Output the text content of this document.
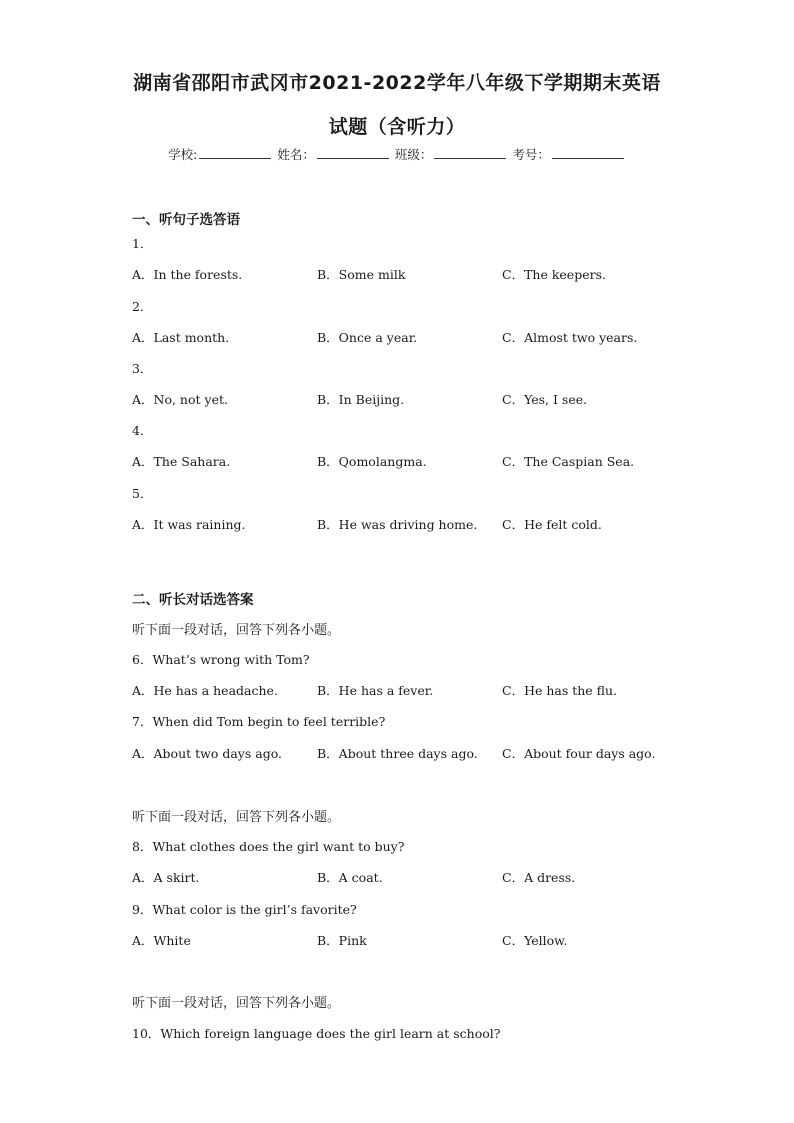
湖南省邵阳市武冈市2021-2022学年八年级下学期期末英语
试题（含听力）
学校:	姓名：	班级：	考号：
一、听句子选答语
1．
A．In the forests.	B．Some milk	C．The keepers.
2．
A．Last month.	B．Once a year.	C．Almost two years.
3．
A．No, not yet.	B．In Beijing.	C．Yes, I see.
4．
A．The Sahara.	B．Qomolangma.	C．The Caspian Sea.
5．
A．It was raining.	B．He was driving home. C．He felt cold.
二、听长对话选答案
听下面一段对话，回答下列各小题。
6．What’s wrong with Tom?
A．He has a headache.	B．He has a fever.	C．He has the flu.
7．When did Tom begin to feel terrible?
A．About two days ago.	B．About three days ago. C．About four days ago.
听下面一段对话，回答下列各小题。
8．What clothes does the girl want to buy?
A．A skirt.	B．A coat.	C．A dress.
9．What color is the girl’s favorite?
A．White	B．Pink	C．Yellow.
听下面一段对话，回答下列各小题。
10．Which foreign language does the girl learn at school?
